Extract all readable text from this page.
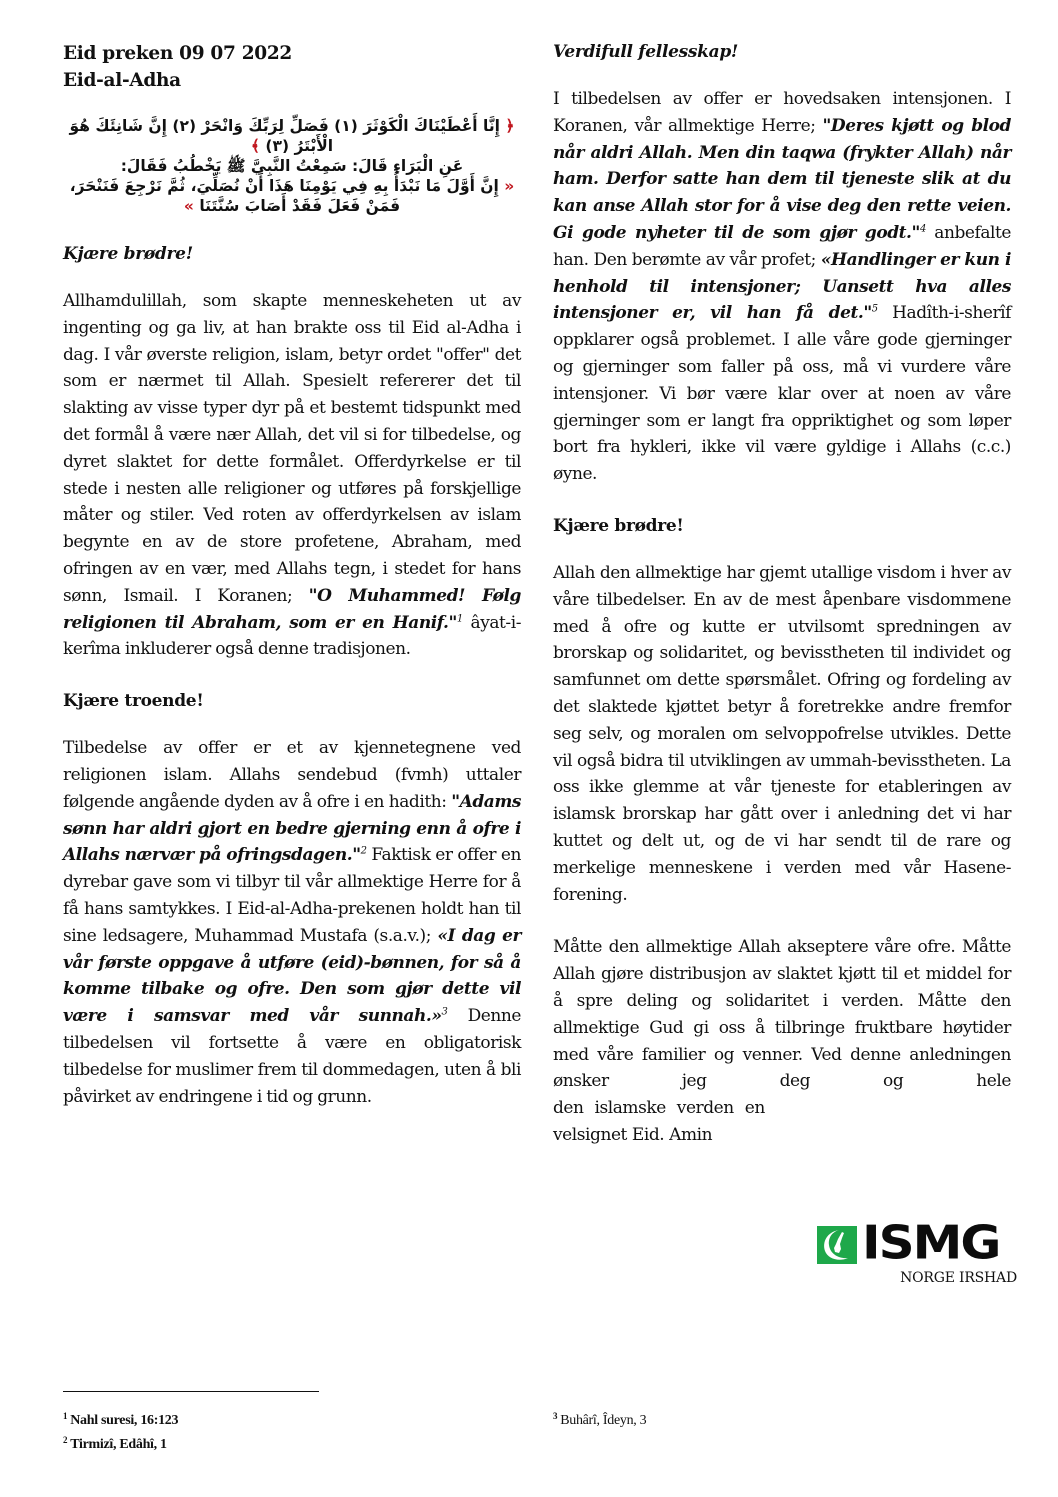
Eid preken 09 07 2022
Eid-al-Adha
﴿ إِنَّا أَعْطَيْنَاكَ الْكَوْثَرَ (١) فَصَلِّ لِرَبِّكَ وَانْحَرْ (٢) إِنَّ شَانِئَكَ هُوَ الْأَبْتَرُ (٣) ﴾
عَنِ الْبَرَاءِ قَالَ: سَمِعْتُ النَّبِيَّ ﷺ يَخْطُبُ فَقَالَ:
« إِنَّ أَوَّلَ مَا نَبْدَأُ بِهِ فِي يَوْمِنَا هَذَا أَنْ نُصَلِّيَ، ثُمَّ نَرْجِعَ فَنَنْحَرَ، فَمَنْ فَعَلَ فَقَدْ أَصَابَ سُنَّتَنَا »
Kjære brødre!

Allhamdulillah, som skapte menneskeheten ut av ingenting og ga liv, at han brakte oss til Eid al-Adha i dag. I vår øverste religion, islam, betyr ordet "offer" det som er nærmet til Allah. Spesielt refererer det til slakting av visse typer dyr på et bestemt tidspunkt med det formål å være nær Allah, det vil si for tilbedelse, og dyret slaktet for dette formålet. Offerdyrkelse er til stede i nesten alle religioner og utføres på forskjellige måter og stiler. Ved roten av offerdyrkelsen av islam begynte en av de store profetene, Abraham, med ofringen av en vær, med Allahs tegn, i stedet for hans sønn, Ismail. I Koranen; "O Muhammed! Følg religionen til Abraham, som er en Hanif."$^1$ âyat-i-kerîma inkluderer også denne tradisjonen.

Kjære troende!

Tilbedelse av offer er et av kjennetegnene ved religionen islam. Allahs sendebud (fvmh) uttaler følgende angående dyden av å ofre i en hadith: "Adams sønn har aldri gjort en bedre gjerning enn å ofre i Allahs nærvær på ofringsdagen."$^2$ Faktisk er offer en dyrebar gave som vi tilbyr til vår allmektige Herre for å få hans samtykkes. I Eid-al-Adha-prekenen holdt han til sine ledsagere, Muhammad Mustafa (s.a.v.); «I dag er vår første oppgave å utføre (eid)-bønnen, for så å komme tilbake og ofre. Den som gjør dette vil være i samsvar med vår sunnah.»$^3$ Denne tilbedelsen vil fortsette å være en obligatorisk tilbedelse for muslimer frem til dommedagen, uten å bli påvirket av endringene i tid og grunn.

Verdifull fellesskap!

I tilbedelsen av offer er hovedsaken intensjonen. I Koranen, vår allmektige Herre; "Deres kjøtt og blod når aldri Allah. Men din taqwa (frykter Allah) når ham. Derfor satte han dem til tjeneste slik at du kan anse Allah stor for å vise deg den rette veien. Gi gode nyheter til de som gjør godt."$^4$ anbefalte han. Den berømte av vår profet; «Handlinger er kun i henhold til intensjoner; Uansett hva alles intensjoner er, vil han få det."$^5$ Hadîth-i-sherîf oppklarer også problemet. I alle våre gode gjerninger og gjerninger som faller på oss, må vi vurdere våre intensjoner. Vi bør være klar over at noen av våre gjerninger som er langt fra oppriktighet og som løper bort fra hykleri, ikke vil være gyldige i Allahs (c.c.) øyne.

Kjære brødre!

Allah den allmektige har gjemt utallige visdom i hver av våre tilbedelser. En av de mest åpenbare visdommene med å ofre og kutte er utvilsomt spredningen av brorskap og solidaritet, og bevisstheten til individet og samfunnet om dette spørsmålet. Ofring og fordeling av det slaktede kjøttet betyr å foretrekke andre fremfor seg selv, og moralen om selvoppofrelse utvikles. Dette vil også bidra til utviklingen av ummah-bevisstheten. La oss ikke glemme at vår tjeneste for etableringen av islamsk brorskap har gått over i anledning det vi har kuttet og delt ut, og de vi har sendt til de rare og merkelige menneskene i verden med vår Hasene-forening.

Måtte den allmektige Allah akseptere våre ofre. Måtte Allah gjøre distribusjon av slaktet kjøtt til et middel for å spre deling og solidaritet i verden. Måtte den allmektige Gud gi oss å tilbringe fruktbare høytider med våre familier og venner. Ved denne anledningen ønsker jeg deg og hele

den islamske verden en
velsignet Eid. Amin

ISMG
NORGE IRSHAD
$^1$ Nahl suresi, 16:123
$^2$ Tirmizî, Edâhî, 1
$^3$ Buhârî, Îdeyn, 3
